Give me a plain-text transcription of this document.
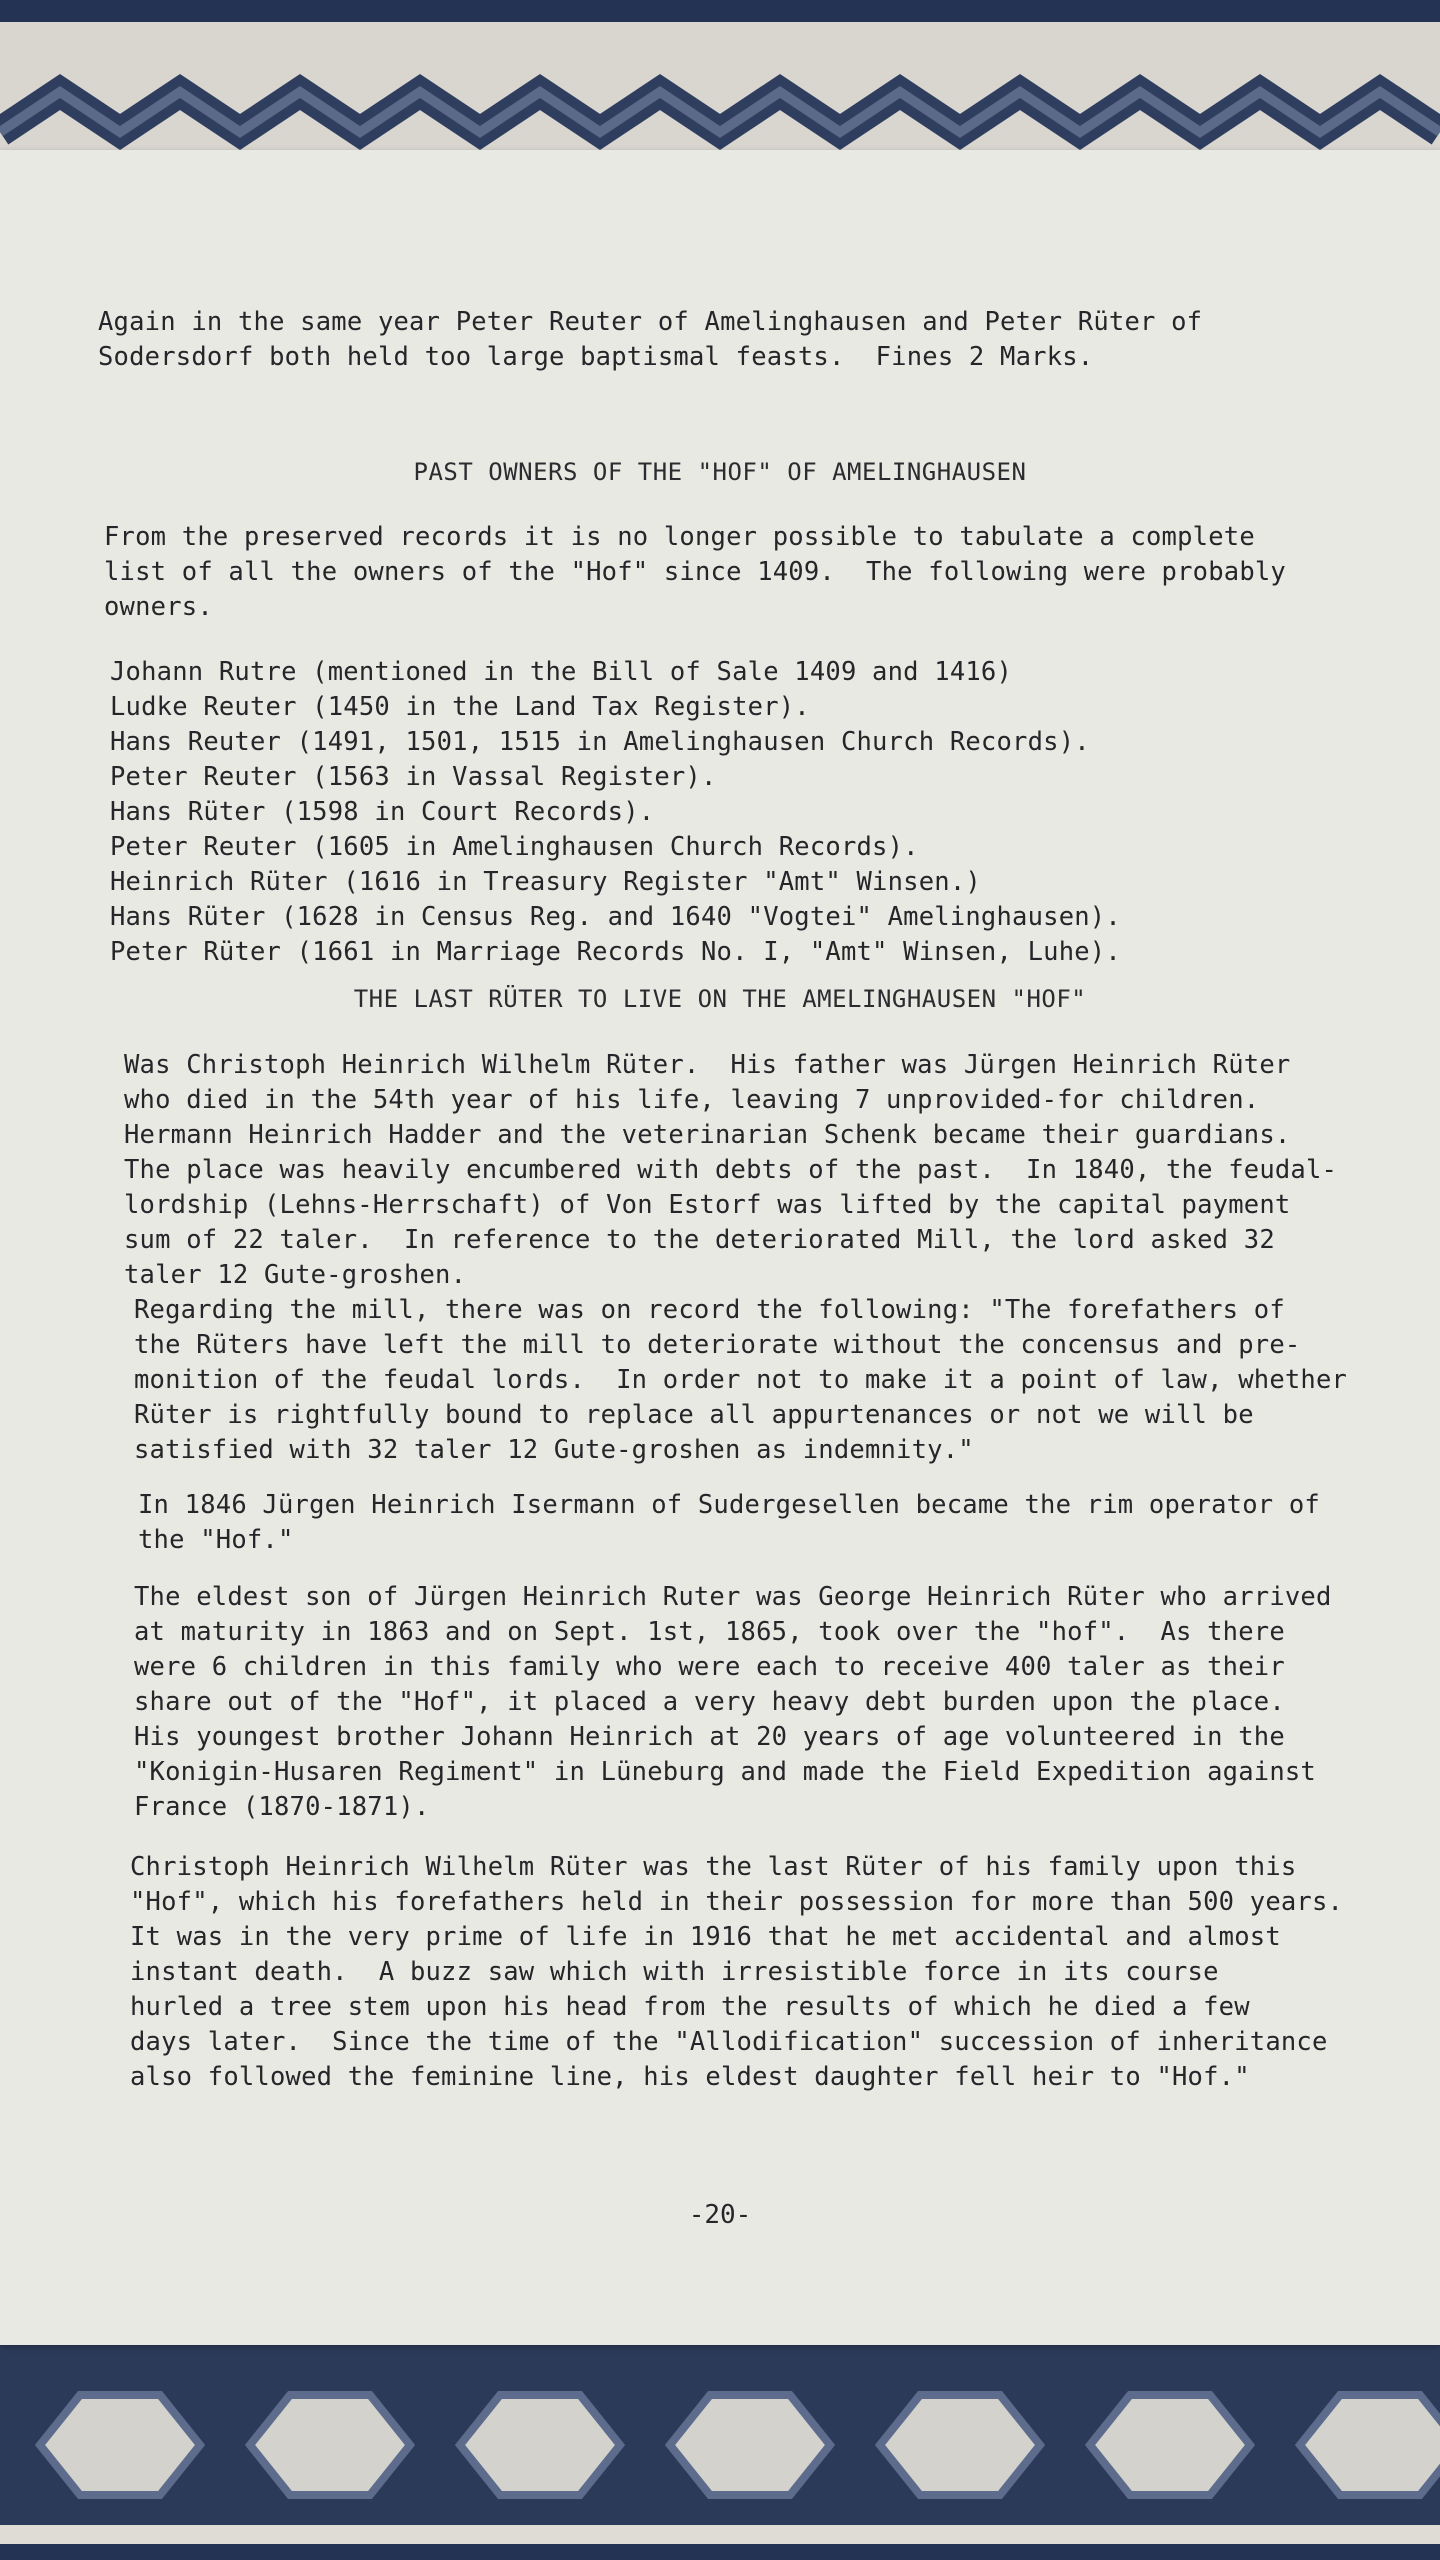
Again in the same year Peter Reuter of Amelinghausen and Peter Rüter of
Sodersdorf both held too large baptismal feasts.  Fines 2 Marks.
PAST OWNERS OF THE "HOF" OF AMELINGHAUSEN
From the preserved records it is no longer possible to tabulate a complete
list of all the owners of the "Hof" since 1409.  The following were probably
owners.
Johann Rutre (mentioned in the Bill of Sale 1409 and 1416)
Ludke Reuter (1450 in the Land Tax Register).
Hans Reuter (1491, 1501, 1515 in Amelinghausen Church Records).
Peter Reuter (1563 in Vassal Register).
Hans Rüter (1598 in Court Records).
Peter Reuter (1605 in Amelinghausen Church Records).
Heinrich Rüter (1616 in Treasury Register "Amt" Winsen.)
Hans Rüter (1628 in Census Reg. and 1640 "Vogtei" Amelinghausen).
Peter Rüter (1661 in Marriage Records No. I, "Amt" Winsen, Luhe).
THE LAST RÜTER TO LIVE ON THE AMELINGHAUSEN "HOF"
Was Christoph Heinrich Wilhelm Rüter.  His father was Jürgen Heinrich Rüter
who died in the 54th year of his life, leaving 7 unprovided-for children.
Hermann Heinrich Hadder and the veterinarian Schenk became their guardians.
The place was heavily encumbered with debts of the past.  In 1840, the feudal-
lordship (Lehns-Herrschaft) of Von Estorf was lifted by the capital payment
sum of 22 taler.  In reference to the deteriorated Mill, the lord asked 32
taler 12 Gute-groshen.
Regarding the mill, there was on record the following: "The forefathers of
the Rüters have left the mill to deteriorate without the concensus and pre-
monition of the feudal lords.  In order not to make it a point of law, whether
Rüter is rightfully bound to replace all appurtenances or not we will be
satisfied with 32 taler 12 Gute-groshen as indemnity."
In 1846 Jürgen Heinrich Isermann of Sudergesellen became the rim operator of
the "Hof."
The eldest son of Jürgen Heinrich Ruter was George Heinrich Rüter who arrived
at maturity in 1863 and on Sept. 1st, 1865, took over the "hof".  As there
were 6 children in this family who were each to receive 400 taler as their
share out of the "Hof", it placed a very heavy debt burden upon the place.
His youngest brother Johann Heinrich at 20 years of age volunteered in the
"Konigin-Husaren Regiment" in Lüneburg and made the Field Expedition against
France (1870-1871).
Christoph Heinrich Wilhelm Rüter was the last Rüter of his family upon this
"Hof", which his forefathers held in their possession for more than 500 years.
It was in the very prime of life in 1916 that he met accidental and almost
instant death.  A buzz saw which with irresistible force in its course
hurled a tree stem upon his head from the results of which he died a few
days later.  Since the time of the "Allodification" succession of inheritance
also followed the feminine line, his eldest daughter fell heir to "Hof."
-20-
